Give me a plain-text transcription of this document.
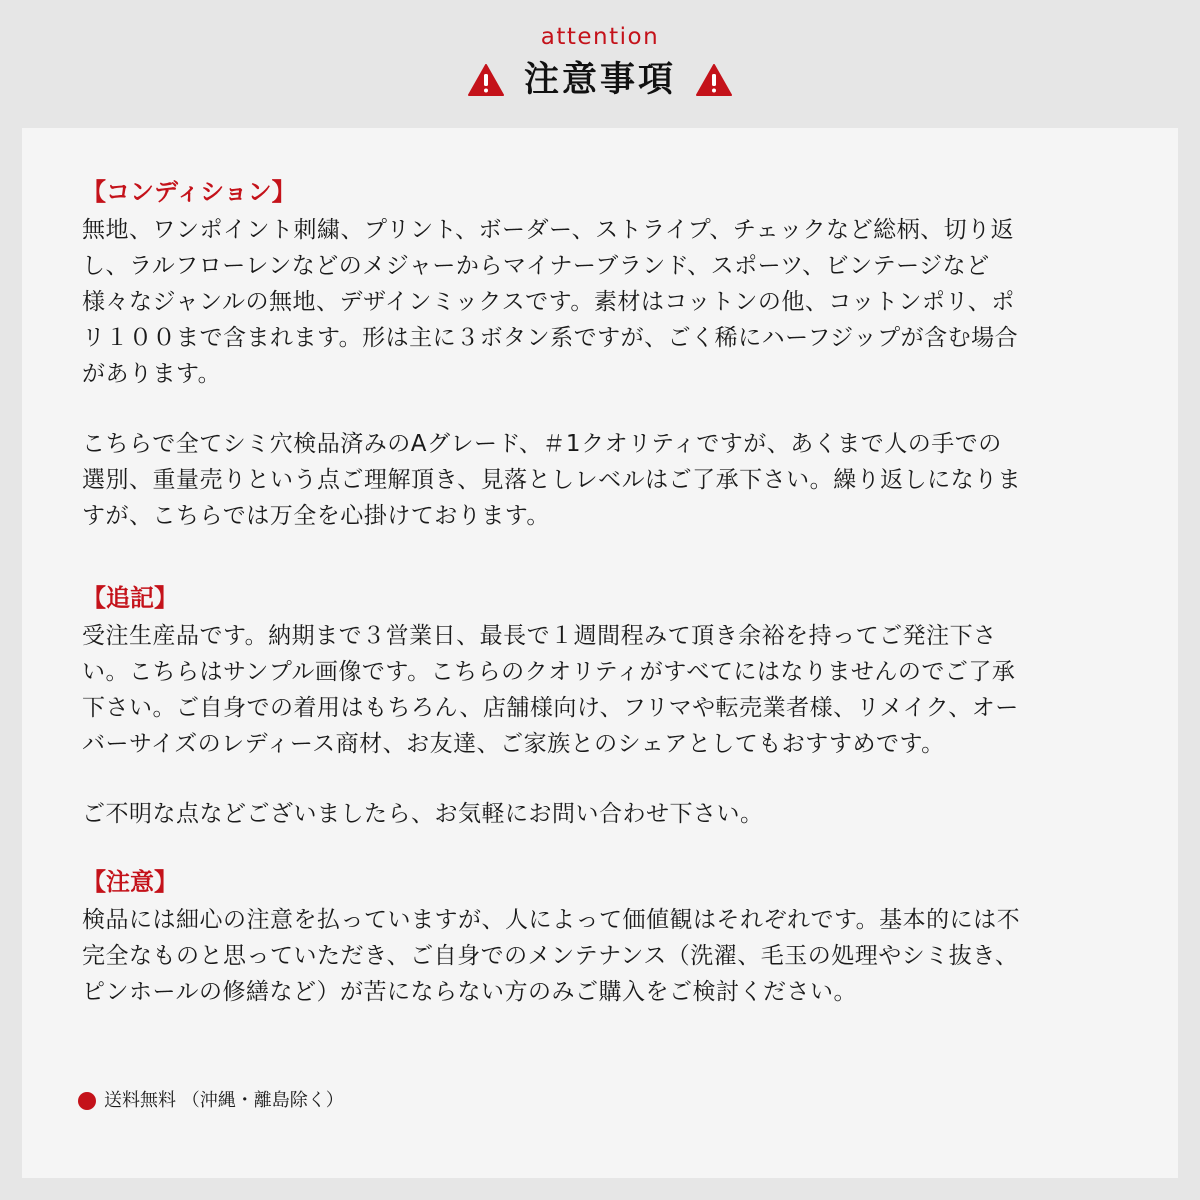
attention
注意事項
【コンディション】
無地、ワンポイント刺繍、プリント、ボーダー、ストライプ、チェックなど総柄、切り返
し、ラルフローレンなどのメジャーからマイナーブランド、スポーツ、ビンテージなど
様々なジャンルの無地、デザインミックスです。素材はコットンの他、コットンポリ、ポ
リ１００まで含まれます。形は主に３ボタン系ですが、ごく稀にハーフジップが含む場合
があります。
こちらで全てシミ穴検品済みのAグレード、＃1クオリティですが、あくまで人の手での
選別、重量売りという点ご理解頂き、見落としレベルはご了承下さい。繰り返しになりま
すが、こちらでは万全を心掛けております。
【追記】
受注生産品です。納期まで３営業日、最長で１週間程みて頂き余裕を持ってご発注下さ
い。こちらはサンプル画像です。こちらのクオリティがすべてにはなりませんのでご了承
下さい。ご自身での着用はもちろん、店舗様向け、フリマや転売業者様、リメイク、オー
バーサイズのレディース商材、お友達、ご家族とのシェアとしてもおすすめです。
ご不明な点などございましたら、お気軽にお問い合わせ下さい。
【注意】
検品には細心の注意を払っていますが、人によって価値観はそれぞれです。基本的には不
完全なものと思っていただき、ご自身でのメンテナンス（洗濯、毛玉の処理やシミ抜き、
ピンホールの修繕など）が苦にならない方のみご購入をご検討ください。
送料無料 （沖縄・離島除く）
